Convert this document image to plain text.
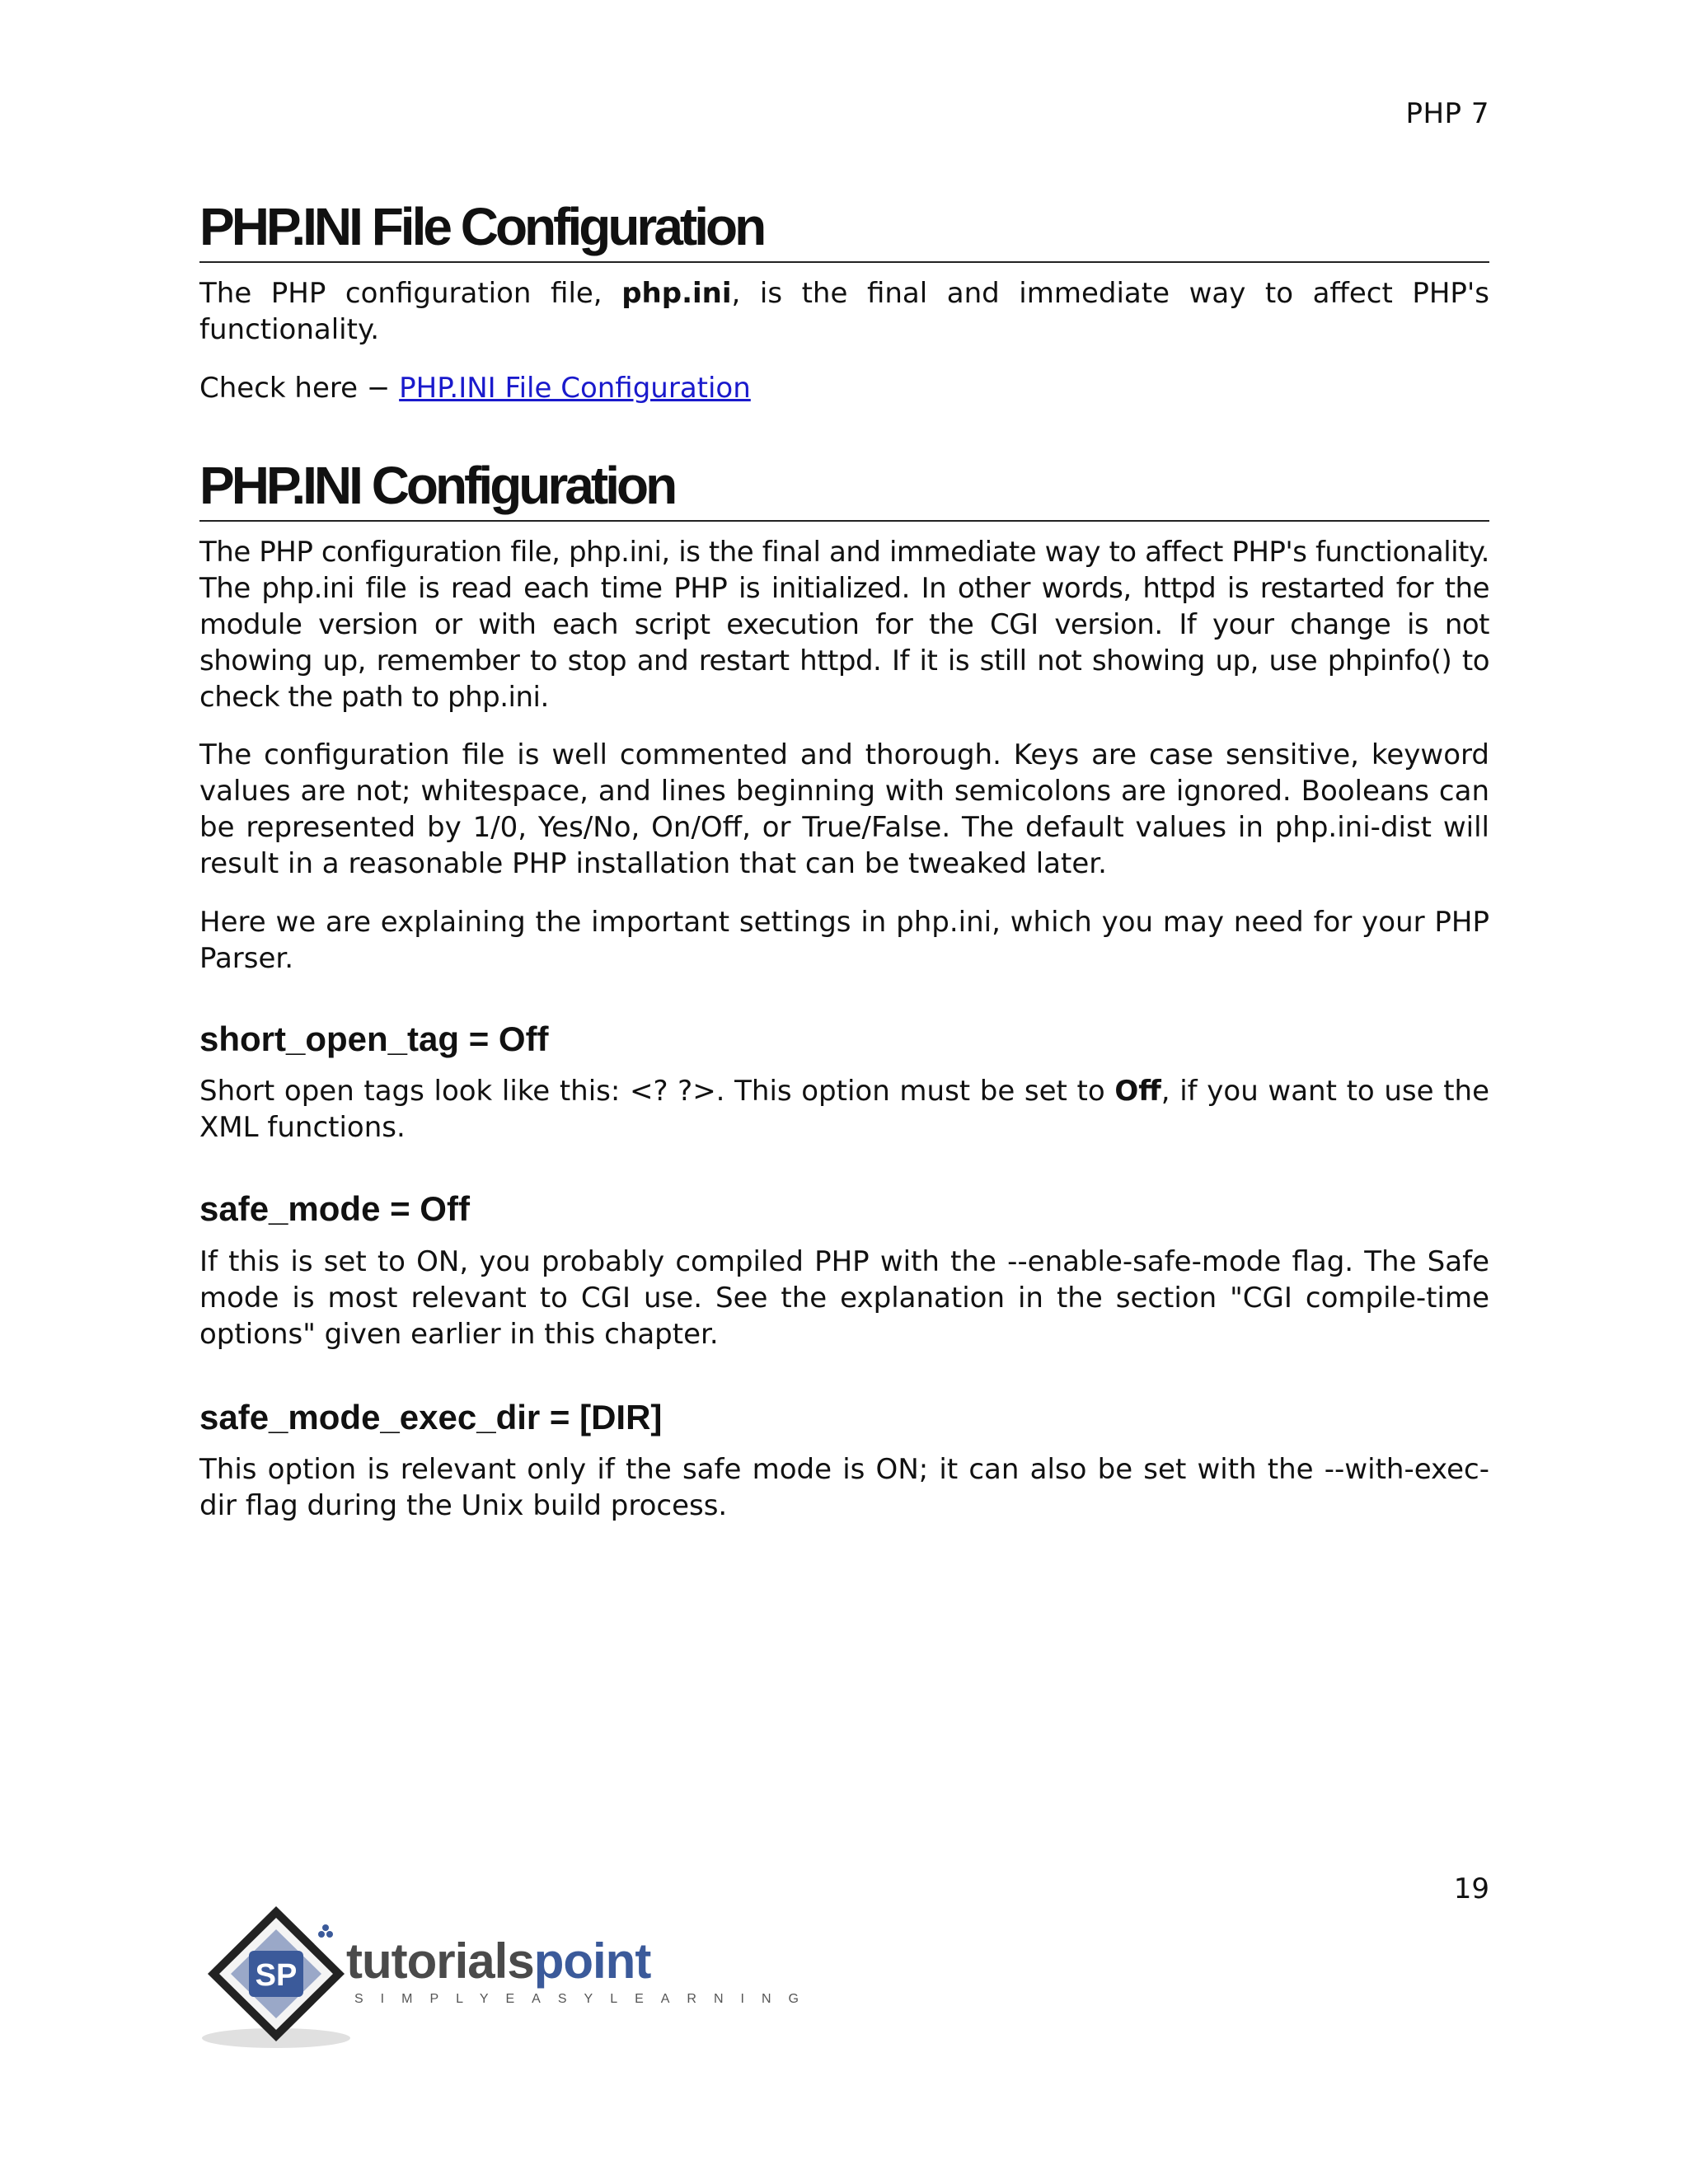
PHP 7
PHP.INI File Configuration

The PHP configuration file, php.ini, is the final and immediate way to affect PHP's functionality.

Check here − PHP.INI File Configuration

PHP.INI Configuration

The PHP configuration file, php.ini, is the final and immediate way to affect PHP's functionality. The php.ini file is read each time PHP is initialized. In other words, httpd is restarted for the module version or with each script execution for the CGI version. If your change is not showing up, remember to stop and restart httpd. If it is still not showing up, use phpinfo() to check the path to php.ini.

The configuration file is well commented and thorough. Keys are case sensitive, keyword values are not; whitespace, and lines beginning with semicolons are ignored. Booleans can be represented by 1/0, Yes/No, On/Off, or True/False. The default values in php.ini-dist will result in a reasonable PHP installation that can be tweaked later.

Here we are explaining the important settings in php.ini, which you may need for your PHP Parser.

short_open_tag = Off

Short open tags look like this: <? ?>. This option must be set to Off, if you want to use the XML functions.

safe_mode = Off

If this is set to ON, you probably compiled PHP with the --enable-safe-mode flag. The Safe mode is most relevant to CGI use. See the explanation in the section "CGI compile-time options" given earlier in this chapter.

safe_mode_exec_dir = [DIR]

This option is relevant only if the safe mode is ON; it can also be set with the --with-exec-dir flag during the Unix build process.

19
SP tutorialspoint
SIMPLYEASYLEARNING
